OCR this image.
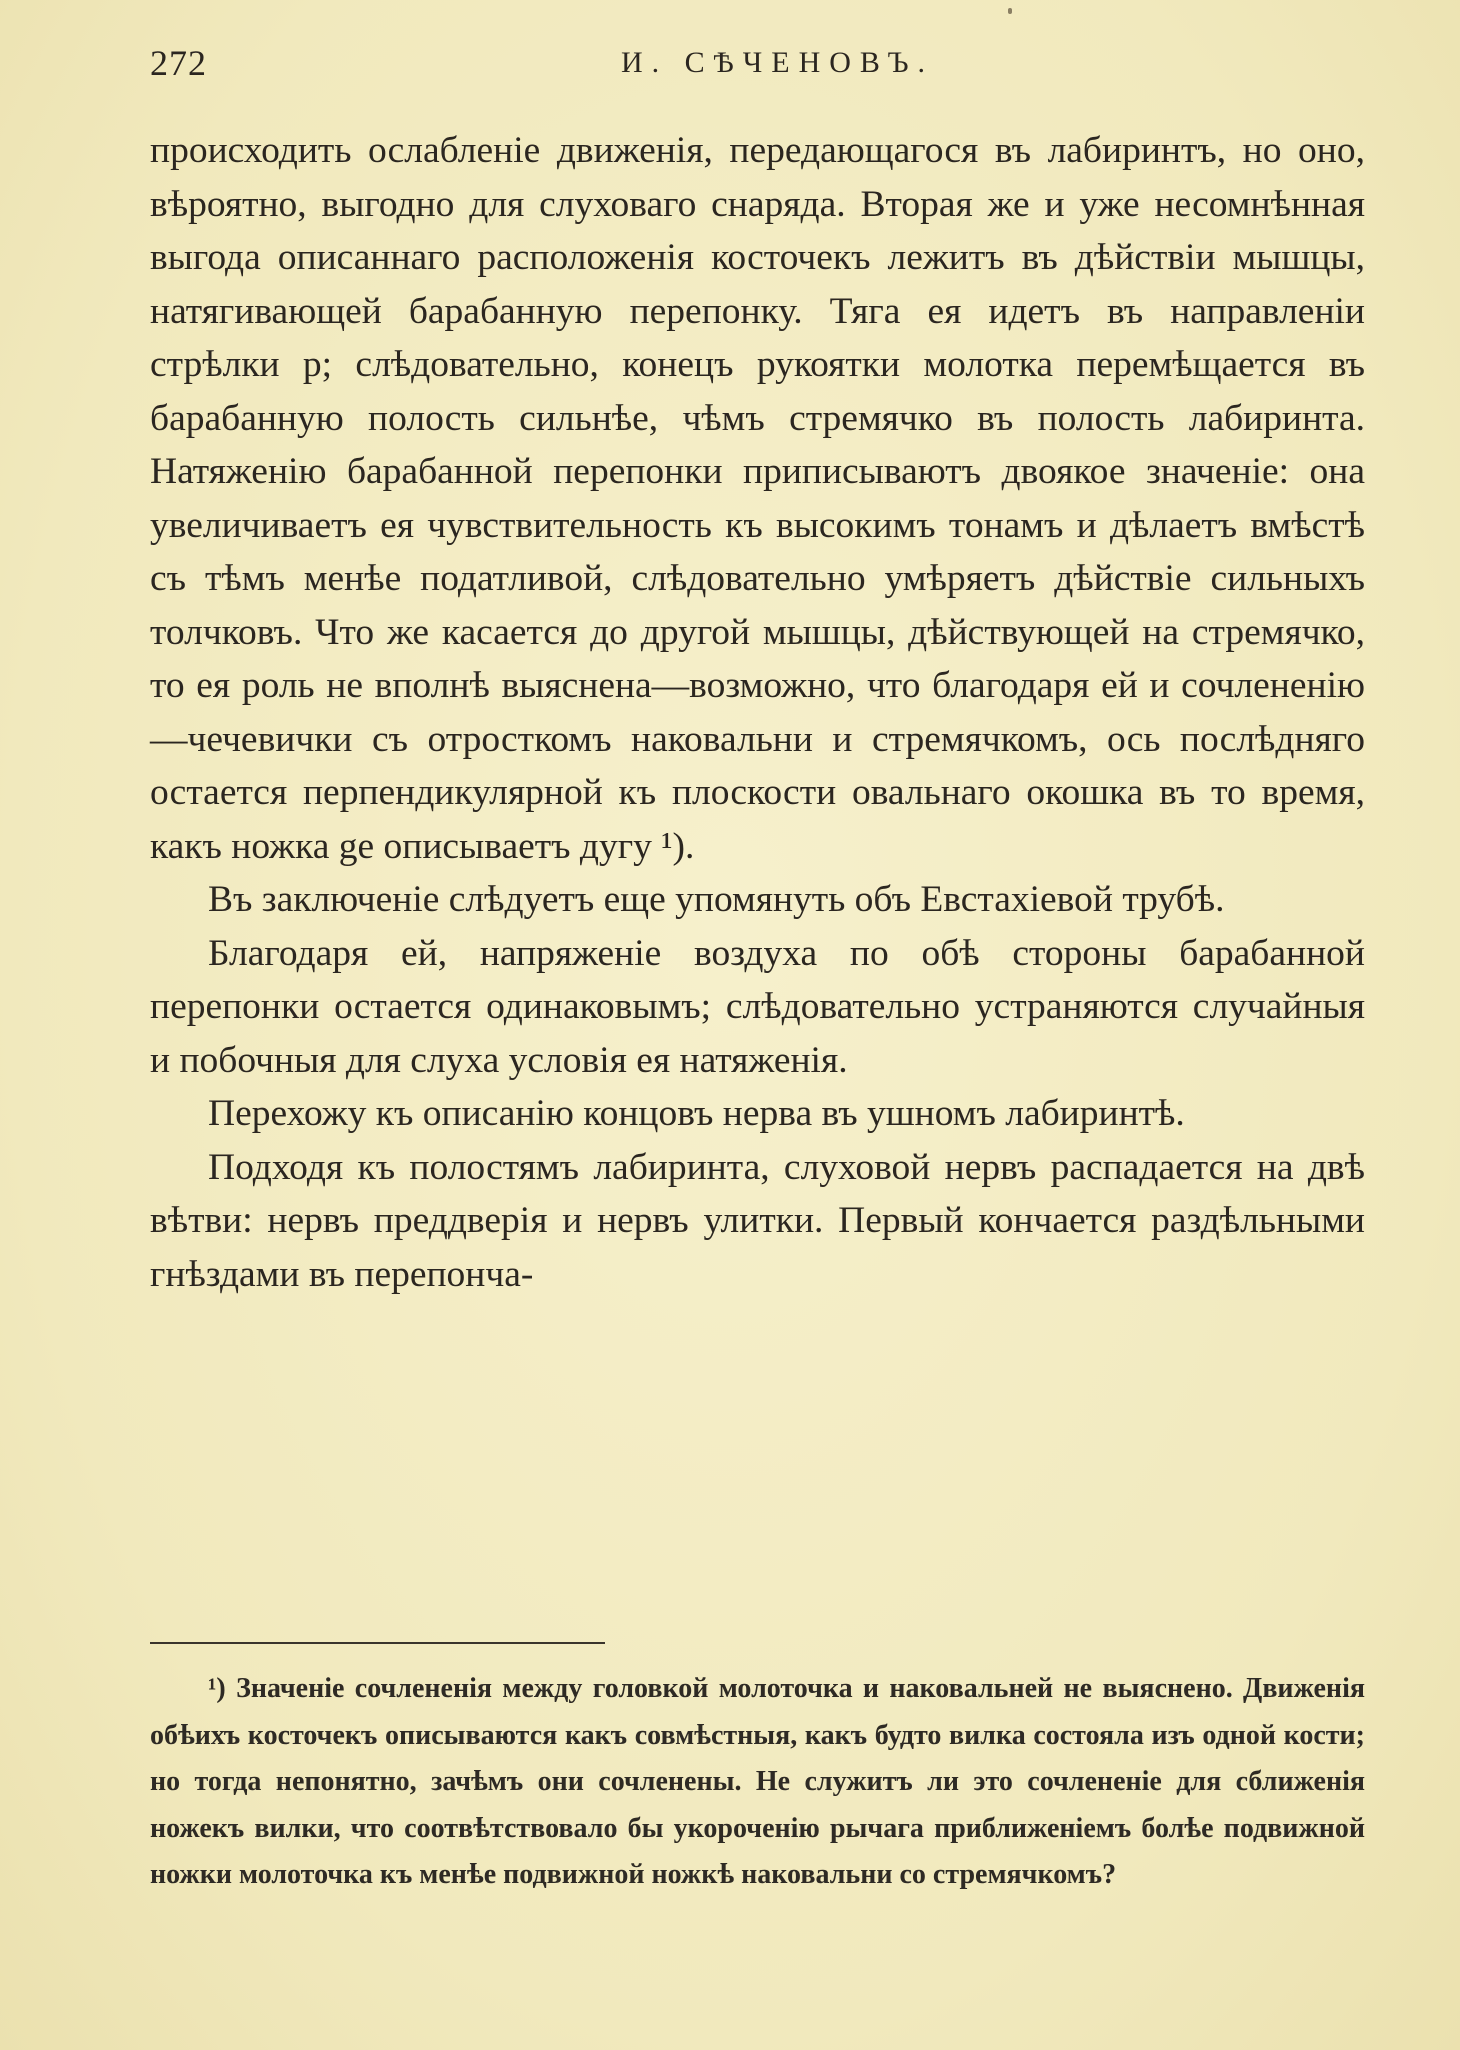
272	И. СѢЧЕНОВЪ.

происходить ослабленіе движенія, передающагося въ лабиринтъ, но оно, вѣроятно, выгодно для слуховаго снаряда. Вторая же и уже несомнѣнная выгода описаннаго расположенія косточекъ лежитъ въ дѣйствіи мышцы, натягивающей барабанную перепонку. Тяга ея идетъ въ направленіи стрѣлки p; слѣдовательно, конецъ рукоятки молотка перемѣщается въ барабанную полость сильнѣе, чѣмъ стремячко въ полость лабиринта. Натяженію барабанной перепонки приписываютъ двоякое значеніе: она увеличиваетъ ея чувствительность къ высокимъ тонамъ и дѣлаетъ вмѣстѣ съ тѣмъ менѣе податливой, слѣдовательно умѣряетъ дѣйствіе сильныхъ толчковъ. Что же касается до другой мышцы, дѣйствующей на стремячко, то ея роль не вполнѣ выяснена—возможно, что благодаря ей и сочлененію—чечевички съ отросткомъ наковальни и стремячкомъ, ось послѣдняго остается перпендикулярной къ плоскости овальнаго окошка въ то время, какъ ножка ge описываетъ дугу ¹).

Въ заключеніе слѣдуетъ еще упомянуть объ Евстахіевой трубѣ.

Благодаря ей, напряженіе воздуха по обѣ стороны барабанной перепонки остается одинаковымъ; слѣдовательно устраняются случайныя и побочныя для слуха условія ея натяженія.

Перехожу къ описанію концовъ нерва въ ушномъ лабиринтѣ.

Подходя къ полостямъ лабиринта, слуховой нервъ распадается на двѣ вѣтви: нервъ преддверія и нервъ улитки. Первый кончается раздѣльными гнѣздами въ перепонча-

¹) Значеніе сочлененія между головкой молоточка и наковальней не выяснено. Движенія обѣихъ косточекъ описываются какъ совмѣстныя, какъ будто вилка состояла изъ одной кости; но тогда непонятно, зачѣмъ они сочленены. Не служитъ ли это сочлененіе для сближенія ножекъ вилки, что соотвѣтствовало бы укороченію рычага приближеніемъ болѣе подвижной ножки молоточка къ менѣе подвижной ножкѣ наковальни со стремячкомъ?
